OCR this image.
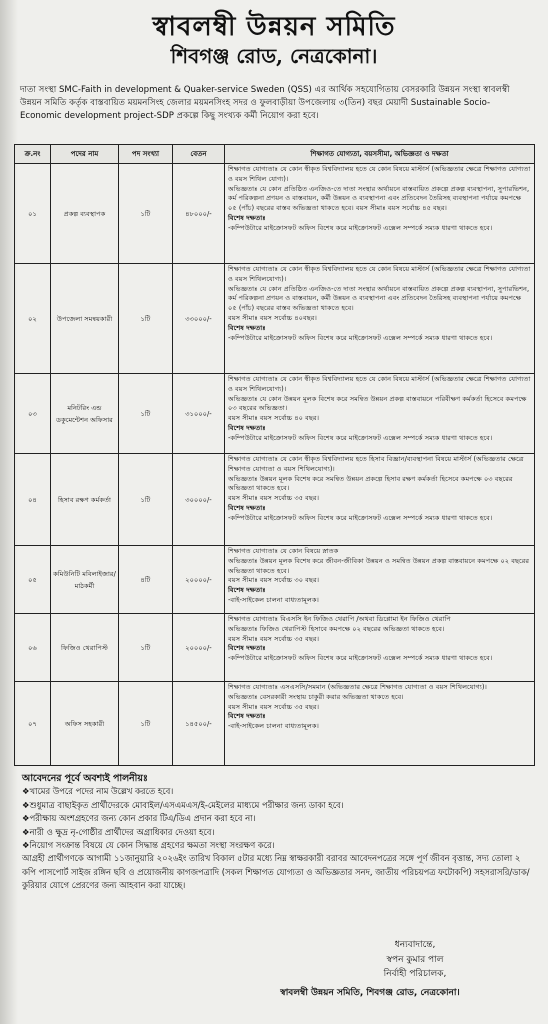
স্বাবলম্বী উন্নয়ন সমিতি
শিবগঞ্জ রোড, নেত্রকোনা।
দাতা সংস্থা SMC-Faith in development & Quaker-service Sweden (QSS) এর আর্থিক সহযোগিতায় বেসরকারি উন্নয়ন সংস্থা স্বাবলম্বী উন্নয়ন সমিতি কর্তৃক বাস্তবায়িত ময়মনসিংহ জেলার ময়মনসিংহ সদর ও ফুলবাড়ীয়া উপজেলায় ৩(তিন) বছর মেয়াদী Sustainable Socio- Economic development project-SDP প্রকল্পে কিছু সংখ্যক কর্মী নিয়োগ করা হবে।
ক্র.নং	পদের নাম	পদ সংখ্যা	বেতন	শিক্ষাগত যোগ্যতা, বয়সসীমা, অভিজ্ঞতা ও দক্ষতা
০১	প্রকল্প ব্যবস্থাপক	১টি	৪৮০০০/-	শিক্ষাগত যোগ্যতাঃ যে কোন স্বীকৃত বিশ্ববিদ্যালয় হতে যে কোন বিষয়ে মাস্টার্স (অভিজ্ঞতার ক্ষেত্রে শিক্ষাগত যোগ্যতা ও বয়স শিথিল যোগ্য)।
অভিজ্ঞতাঃ যে কোন প্রতিষ্ঠিত এনজিও-তে দাতা সংস্থার অর্থায়নে বাস্তবায়িত প্রকল্পে প্রকল্প ব্যবস্থাপনা, সুপারভিশন, কর্ম পরিকল্পনা প্রণয়ন ও বাস্তবায়ন, কর্মী উন্নয়ন ও ব্যবস্থাপনা এবং প্রতিবেদন তৈরিসহ ব্যবস্থাপনা পর্যায়ে কমপক্ষে ০৫ (পাঁচ) বছরের বাস্তব অভিজ্ঞতা থাকতে হবে। বয়স সীমাঃ বয়স সর্বোচ্চ ৪৫ বছর।
বিশেষ দক্ষতাঃ
-কম্পিউটারে মাইক্রোসফট অফিস বিশেষ করে মাইক্রোসফট এক্সেল সম্পর্কে সম্যক ধারণা থাকতে হবে।

০২	উপজেলা সমন্বয়কারী	১টি	৩৩০০০/-	শিক্ষাগত যোগ্যতাঃ যে কোন স্বীকৃত বিশ্ববিদ্যালয় হতে যে কোন বিষয়ে মাস্টার্স (অভিজ্ঞতার ক্ষেত্রে শিক্ষাগত যোগ্যতা ও বয়স শিথিলযোগ্য)।
অভিজ্ঞতাঃ যে কোন প্রতিষ্ঠিত এনজিও-তে দাতা সংস্থার অর্থায়নে বাস্তবায়িত প্রকল্পে প্রকল্প ব্যবস্থাপনা, সুপারভিশন, কর্ম পরিকল্পনা প্রণয়ন ও বাস্তবায়ন, কর্মী উন্নয়ন ও ব্যবস্থাপনা এবং প্রতিবেদন তৈরিসহ ব্যবস্থাপনা পর্যায়ে কমপক্ষে ০৫ (পাঁচ) বছরের বাস্তব অভিজ্ঞতা থাকতে হবে।
বয়স সীমাঃ বয়স সর্বোচ্চ ৪০বছর।
বিশেষ দক্ষতাঃ
-কম্পিউটারে মাইক্রোসফট অফিস বিশেষ করে মাইক্রোসফট এক্সেল সম্পর্কে সম্যক ধারণা থাকতে হবে।

০৩	মনিটরিং এন্ড ডকুমেন্টেশন অফিসার	১টি	৩১০০০/-	শিক্ষাগত যোগ্যতাঃ যে কোন স্বীকৃত বিশ্ববিদ্যালয় হতে যে কোন বিষয়ে মাস্টার্স (অভিজ্ঞতার ক্ষেত্রে শিক্ষাগত যোগ্যতা ও বয়স শিথিলযোগ্য)।
অভিজ্ঞতাঃ যে কোন উন্নয়ন মূলক বিশেষ করে সমন্বিত উন্নয়ন প্রকল্প বাস্তবায়নে পরিবীক্ষণ কর্মকর্তা হিসেবে কমপক্ষে ০৩ বছরের অভিজ্ঞতা।
বয়স সীমাঃ বয়স সর্বোচ্চ ৪০ বছর।
বিশেষ দক্ষতাঃ
-কম্পিউটারে মাইক্রোসফট অফিস বিশেষ করে মাইক্রোসফট এক্সেল সম্পর্কে সম্যক ধারণা থাকতে হবে।

০৪	হিসাব রক্ষণ কর্মকর্তা	১টি	৩০০০০/-	শিক্ষাগত যোগ্যতাঃ যে কোন স্বীকৃত বিশ্ববিদ্যালয় হতে হিসাব বিজ্ঞান/ব্যবস্থাপনা বিষয়ে মাস্টার্স (অভিজ্ঞতার ক্ষেত্রে শিক্ষাগত যোগ্যতা ও বয়স শিথিলযোগ্য)।
অভিজ্ঞতাঃ উন্নয়ন মূলক বিশেষ করে সমন্বিত উন্নয়ন প্রকল্পে হিসাব রক্ষণ কর্মকর্তা হিসেবে কমপক্ষে ০৩ বছরের অভিজ্ঞতা থাকতে হবে।
বয়স সীমাঃ বয়স সর্বোচ্চ ৩৫ বছর।
বিশেষ দক্ষতাঃ
-কম্পিউটারে মাইক্রোসফট অফিস বিশেষ করে মাইক্রোসফট এক্সেল সম্পর্কে সম্যক ধারণা থাকতে হবে।

০৫	কমিউনিটি মবিলাইজার/মাঠকর্মী	৪টি	২০০০০/-	শিক্ষাগত যোগ্যতাঃ যে কোন বিষয়ে স্নাতক
অভিজ্ঞতাঃ উন্নয়ন মূলক বিশেষ করে জীবন-জীবিকা উন্নয়ন ও সমন্বিত উন্নয়ন প্রকল্প বাস্তবায়নে কমপক্ষে ০২ বছরের অভিজ্ঞতা থাকতে হবে।
বয়স সীমাঃ বয়স সর্বোচ্চ ৩০ বছর।
বিশেষ দক্ষতাঃ
-বাই-সাইকেল চালনা বাধ্যতামূলক।

০৬	ফিজিও থেরাপিস্ট	১টি	২০০০০/-	শিক্ষাগত যোগ্যতাঃ বিএসসি ইন ফিজিও থেরাপি /অথবা ডিপ্লোমা ইন ফিজিও থেরাপি
অভিজ্ঞতাঃ ফিজিও থেরাপিস্ট হিসাবে কমপক্ষে ০২ বছরের অভিজ্ঞতা থাকতে হবে।
বয়স সীমাঃ বয়স সর্বোচ্চ ৩৫ বছর।
বিশেষ দক্ষতাঃ
-কম্পিউটারে মাইক্রোসফট অফিস বিশেষ করে মাইক্রোসফট এক্সেল সম্পর্কে সম্যক ধারণা থাকতে হবে।

০৭	অফিস সহকারী	১টি	১৪৫০০/-	শিক্ষাগত যোগ্যতাঃ এসএসসি/সমমান (অভিজ্ঞতার ক্ষেত্রে শিক্ষাগত যোগ্যতা ও বয়স শিথিলযোগ্য)।
অভিজ্ঞতাঃ বেসরকারী সংস্থায় চাকুরী করার অভিজ্ঞতা থাকতে হবে।
বয়স সীমাঃ বয়স সর্বোচ্চ ৩৫ বছর।
বিশেষ দক্ষতাঃ
-বাই-সাইকেল চালনা বাধ্যতামূলক।
আবেদনের পূর্বে অবশ্যই পালনীয়ঃ
❖ খামের উপরে পদের নাম উল্লেখ করতে হবে।
❖ শুধুমাত্র বাছাইকৃত প্রার্থীদেরকে মোবাইল/এসএমএস/ই-মেইলের মাধ্যমে পরীক্ষার জন্য ডাকা হবে।
❖ পরীক্ষায় অংশগ্রহণের জন্য কোন প্রকার টিএ/ডিএ প্রদান করা হবে না।
❖ নারী ও ক্ষুদ্র নৃ-গোষ্ঠীর প্রার্থীদের অগ্রাধিকার দেওয়া হবে।
❖ নিয়োগ সংক্রান্ত বিষয়ে যে কোন সিদ্ধান্ত গ্রহণের ক্ষমতা সংস্থা সংরক্ষণ করে।
আগ্রহী প্রার্থীগণকে আগামী ১১জানুয়ারি ২০২৬ইং তারিখ বিকাল ৫টার মধ্যে নিম্ন স্বাক্ষরকারী বরাবর আবেদনপত্রের সঙ্গে পূর্ণ জীবন বৃত্তান্ত, সদ্য তোলা ২ কপি পাসপোর্ট সাইজ রঙ্গিন ছবি ও প্রয়োজনীয় কাগজপত্রাদি (সকল শিক্ষাগত যোগ্যতা ও অভিজ্ঞতার সনদ, জাতীয় পরিচয়পত্র ফটোকপি) সহসরাসরি/ডাক/কুরিয়ার যোগে প্রেরণের জন্য আহবান করা যাচ্ছে।
ধন্যবাদান্তে,
স্বপন কুমার পাল
নির্বাহী পরিচালক,
স্বাবলম্বী উন্নয়ন সমিতি, শিবগঞ্জ রোড, নেত্রকোনা।
